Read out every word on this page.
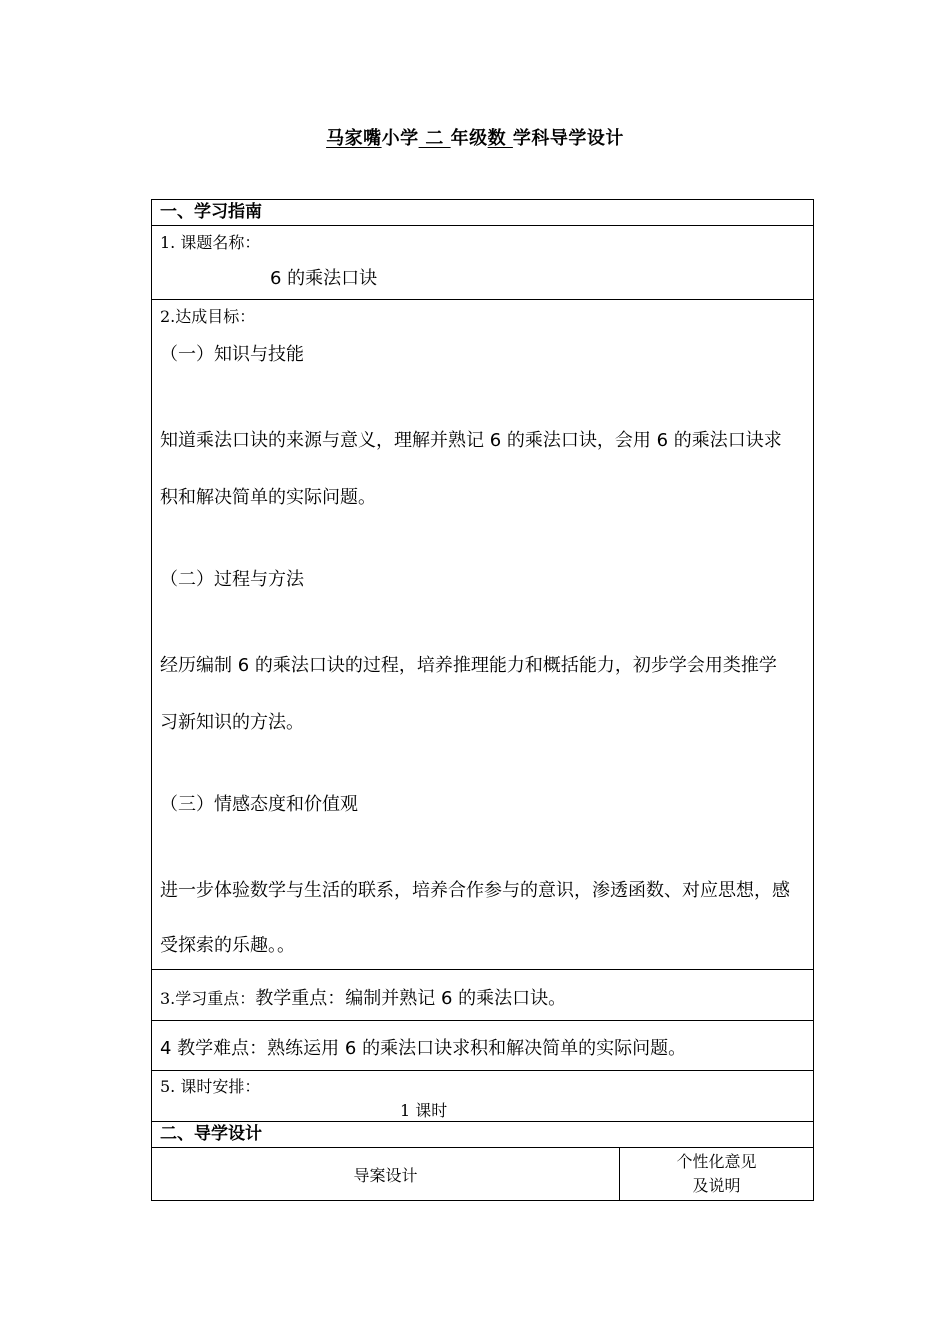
马家嘴小学 二 年级数 学科导学设计
一、学习指南
1. 课题名称：
6 的乘法口诀
2.达成目标：
（一）知识与技能
知道乘法口诀的来源与意义，理解并熟记 6 的乘法口诀，会用 6 的乘法口诀求
积和解决简单的实际问题。
（二）过程与方法
经历编制 6 的乘法口诀的过程，培养推理能力和概括能力，初步学会用类推学
习新知识的方法。
（三）情感态度和价值观
进一步体验数学与生活的联系，培养合作参与的意识，渗透函数、对应思想，感
受探索的乐趣。。
3.学习重点：教学重点：编制并熟记 6 的乘法口诀。
4 教学难点：熟练运用 6 的乘法口诀求积和解决简单的实际问题。
5. 课时安排：
1 课时
二、导学设计
导案设计
个性化意见
及说明
